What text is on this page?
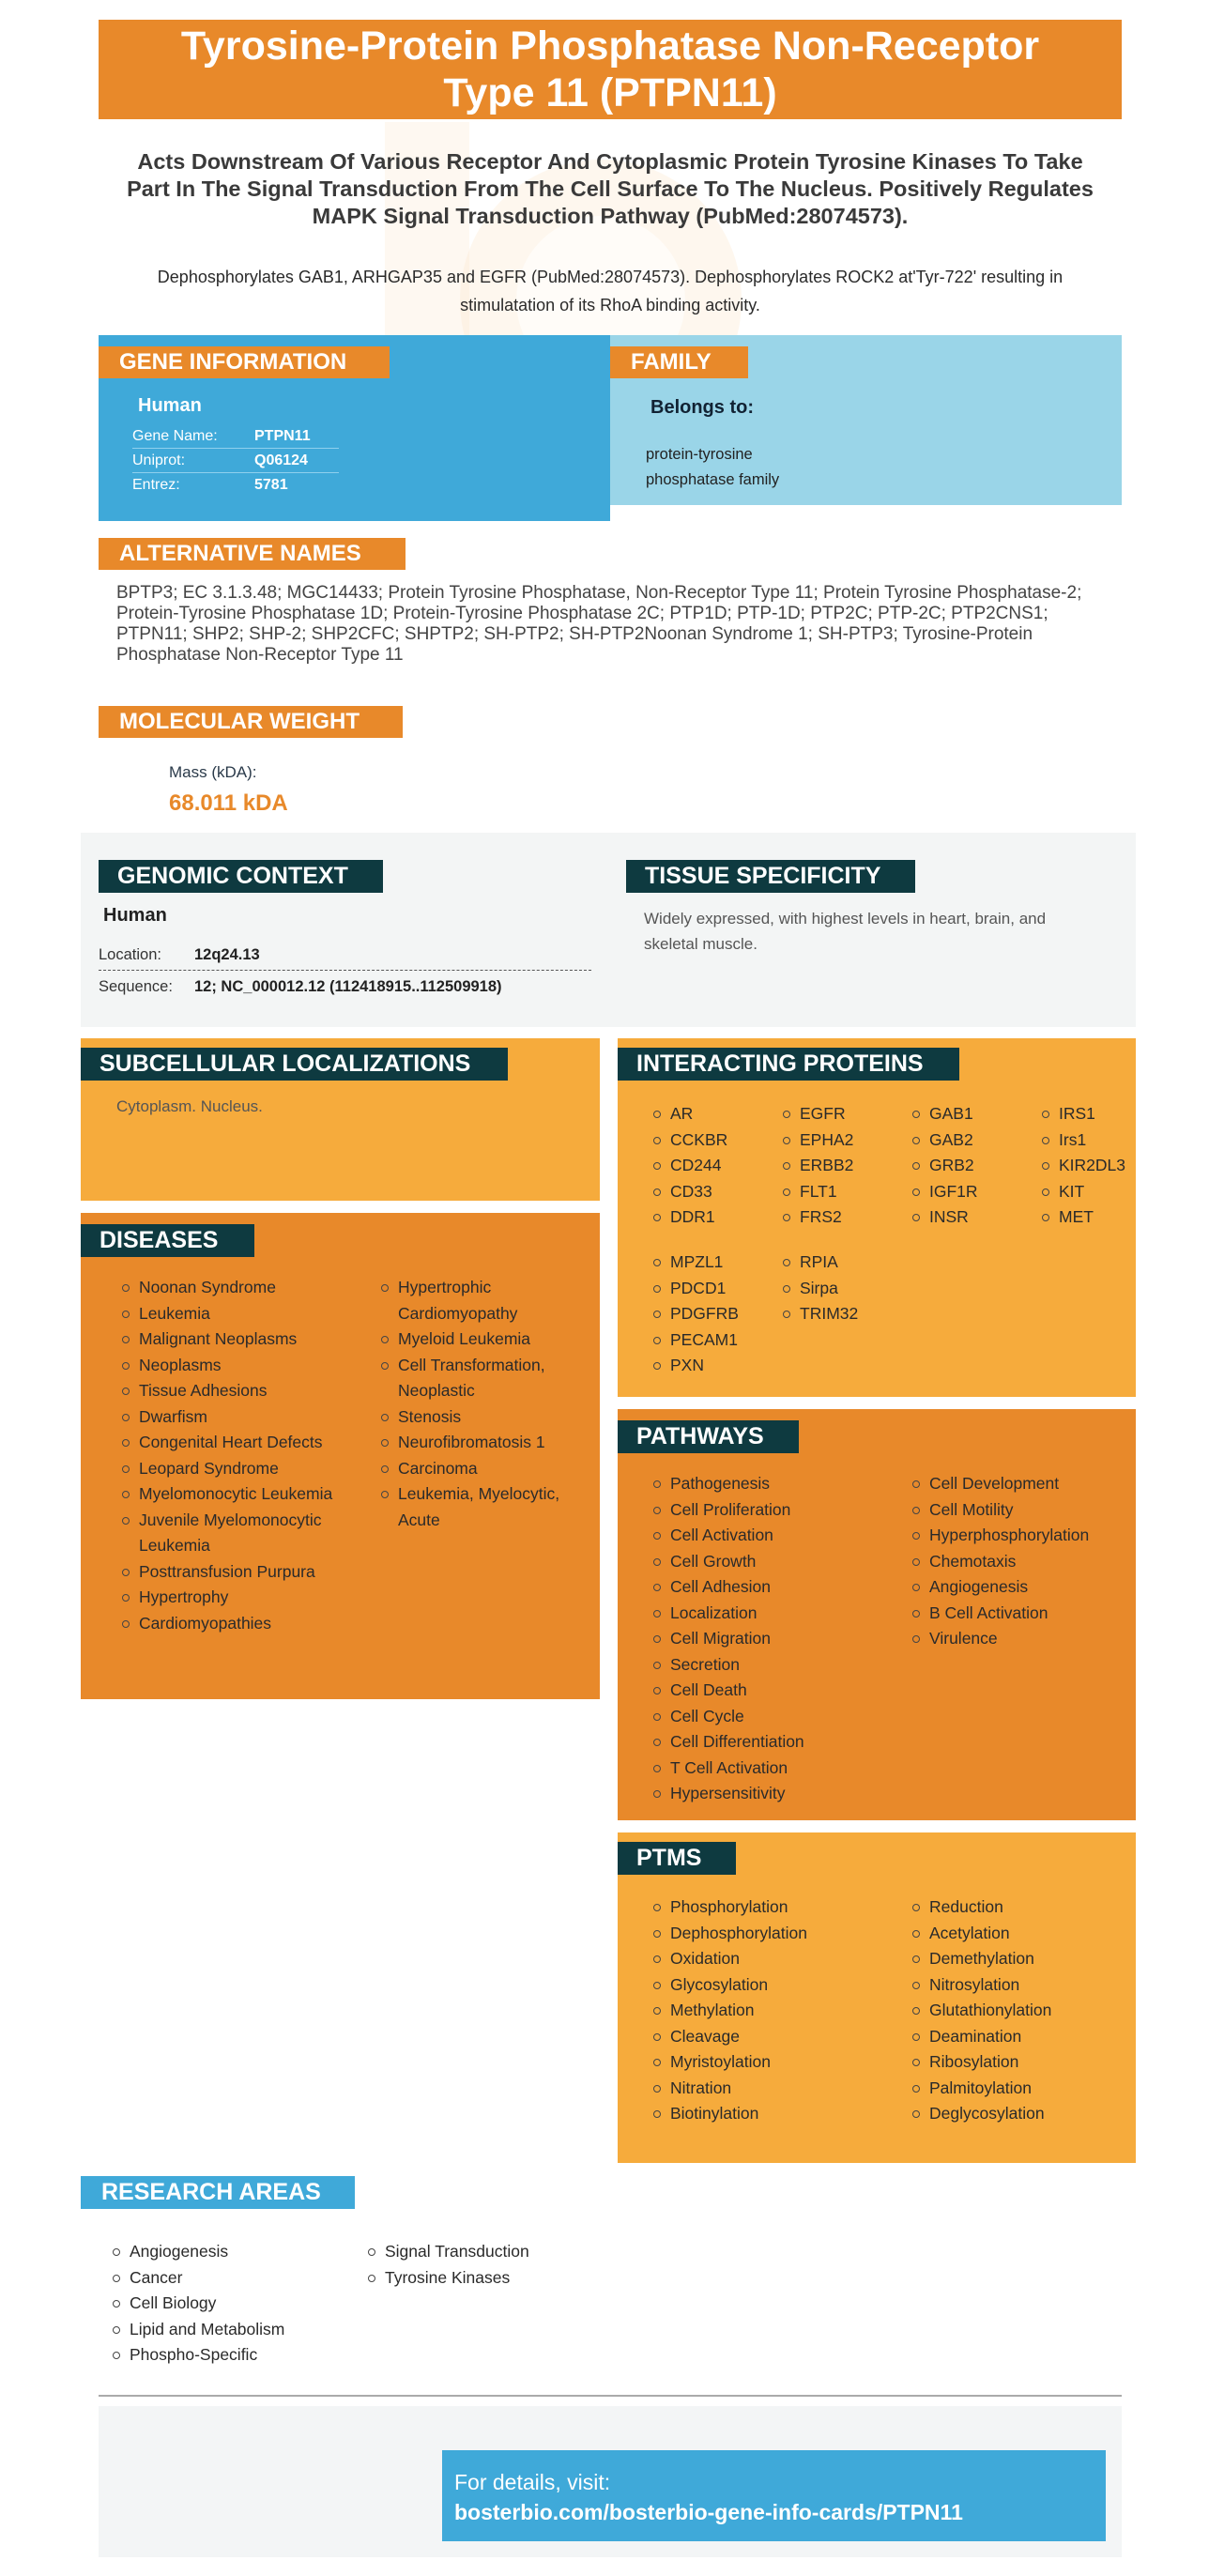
Tyrosine-Protein Phosphatase Non-Receptor Type 11 (PTPN11)
Acts Downstream Of Various Receptor And Cytoplasmic Protein Tyrosine Kinases To Take Part In The Signal Transduction From The Cell Surface To The Nucleus. Positively Regulates MAPK Signal Transduction Pathway (PubMed:28074573).
Dephosphorylates GAB1, ARHGAP35 and EGFR (PubMed:28074573). Dephosphorylates ROCK2 at'Tyr-722' resulting in stimulatation of its RhoA binding activity.
GENE INFORMATION
Human
Gene Name:	PTPN11
Uniprot:	Q06124
Entrez:	5781
FAMILY
Belongs to:
protein-tyrosine
phosphatase family
ALTERNATIVE NAMES
BPTP3; EC 3.1.3.48; MGC14433; Protein Tyrosine Phosphatase, Non-Receptor Type 11; Protein Tyrosine Phosphatase-2; Protein-Tyrosine Phosphatase 1D; Protein-Tyrosine Phosphatase 2C; PTP1D; PTP-1D; PTP2C; PTP-2C; PTP2CNS1; PTPN11; SHP2; SHP-2; SHP2CFC; SHPTP2; SH-PTP2; SH-PTP2Noonan Syndrome 1; SH-PTP3; Tyrosine-Protein Phosphatase Non-Receptor Type 11
MOLECULAR WEIGHT
Mass (kDA):
68.011 kDA
GENOMIC CONTEXT
Human
Location:	12q24.13
Sequence:	12; NC_000012.12 (112418915..112509918)
TISSUE SPECIFICITY
Widely expressed, with highest levels in heart, brain, and skeletal muscle.
SUBCELLULAR LOCALIZATIONS
Cytoplasm. Nucleus.
DISEASES
Noonan Syndrome
Leukemia
Malignant Neoplasms
Neoplasms
Tissue Adhesions
Dwarfism
Congenital Heart Defects
Leopard Syndrome
Myelomonocytic Leukemia
Juvenile Myelomonocytic Leukemia
Posttransfusion Purpura
Hypertrophy
Cardiomyopathies
Hypertrophic Cardiomyopathy
Myeloid Leukemia
Cell Transformation, Neoplastic
Stenosis
Neurofibromatosis 1
Carcinoma
Leukemia, Myelocytic, Acute
INTERACTING PROTEINS
AR
CCKBR
CD244
CD33
DDR1
EGFR
EPHA2
ERBB2
FLT1
FRS2
GAB1
GAB2
GRB2
IGF1R
INSR
IRS1
Irs1
KIR2DL3
KIT
MET
MPZL1
PDCD1
PDGFRB
PECAM1
PXN
RPIA
Sirpa
TRIM32
PATHWAYS
Pathogenesis
Cell Proliferation
Cell Activation
Cell Growth
Cell Adhesion
Localization
Cell Migration
Secretion
Cell Death
Cell Cycle
Cell Differentiation
T Cell Activation
Hypersensitivity
Cell Development
Cell Motility
Hyperphosphorylation
Chemotaxis
Angiogenesis
B Cell Activation
Virulence
PTMS
Phosphorylation
Dephosphorylation
Oxidation
Glycosylation
Methylation
Cleavage
Myristoylation
Nitration
Biotinylation
Reduction
Acetylation
Demethylation
Nitrosylation
Glutathionylation
Deamination
Ribosylation
Palmitoylation
Deglycosylation
RESEARCH AREAS
Angiogenesis
Cancer
Cell Biology
Lipid and Metabolism
Phospho-Specific
Signal Transduction
Tyrosine Kinases
For details, visit:
bosterbio.com/bosterbio-gene-info-cards/PTPN11
